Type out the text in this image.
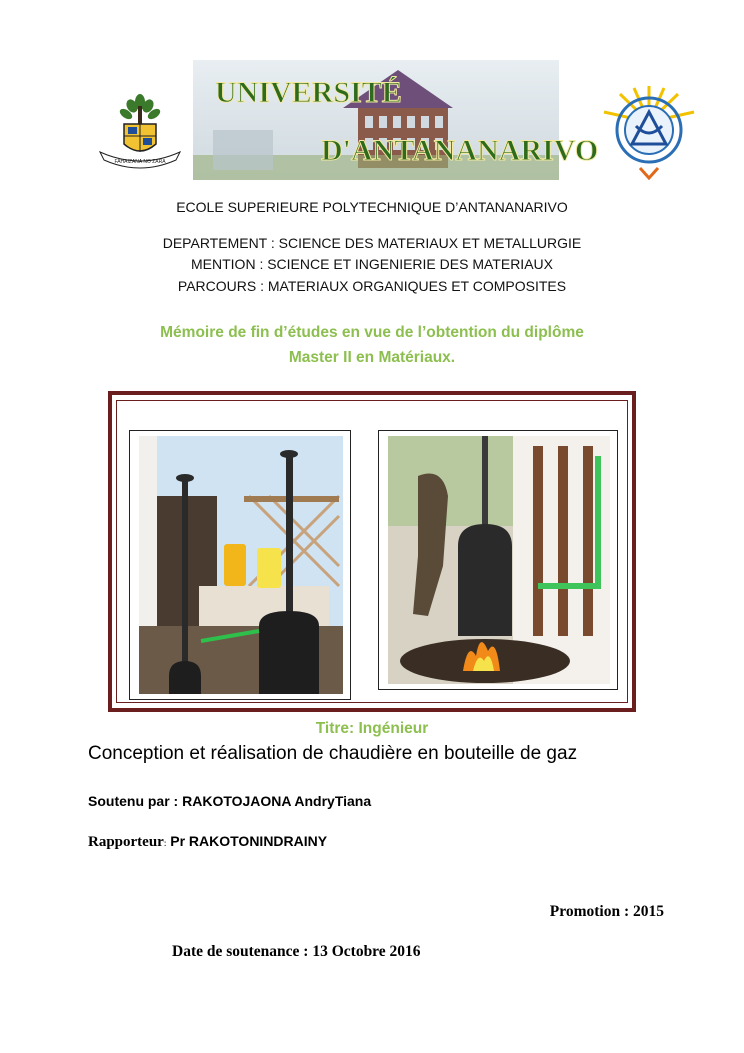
FAHAIZANA NO ZARA
UNIVERSITÉ
D'ANTANANARIVO
ECOLE SUPERIEURE POLYTECHNIQUE D’ANTANANARIVO
DEPARTEMENT : SCIENCE DES MATERIAUX ET METALLURGIE
MENTION : SCIENCE ET INGENIERIE DES MATERIAUX
PARCOURS : MATERIAUX ORGANIQUES ET COMPOSITES
Mémoire de fin d’études en vue de l’obtention du diplôme
Master II en Matériaux.
Titre: Ingénieur
Conception et réalisation de chaudière en bouteille de gaz
Soutenu par : RAKOTOJAONA AndryTiana
Rapporteur: Pr RAKOTONINDRAINY
Promotion : 2015
Date de soutenance : 13 Octobre 2016
